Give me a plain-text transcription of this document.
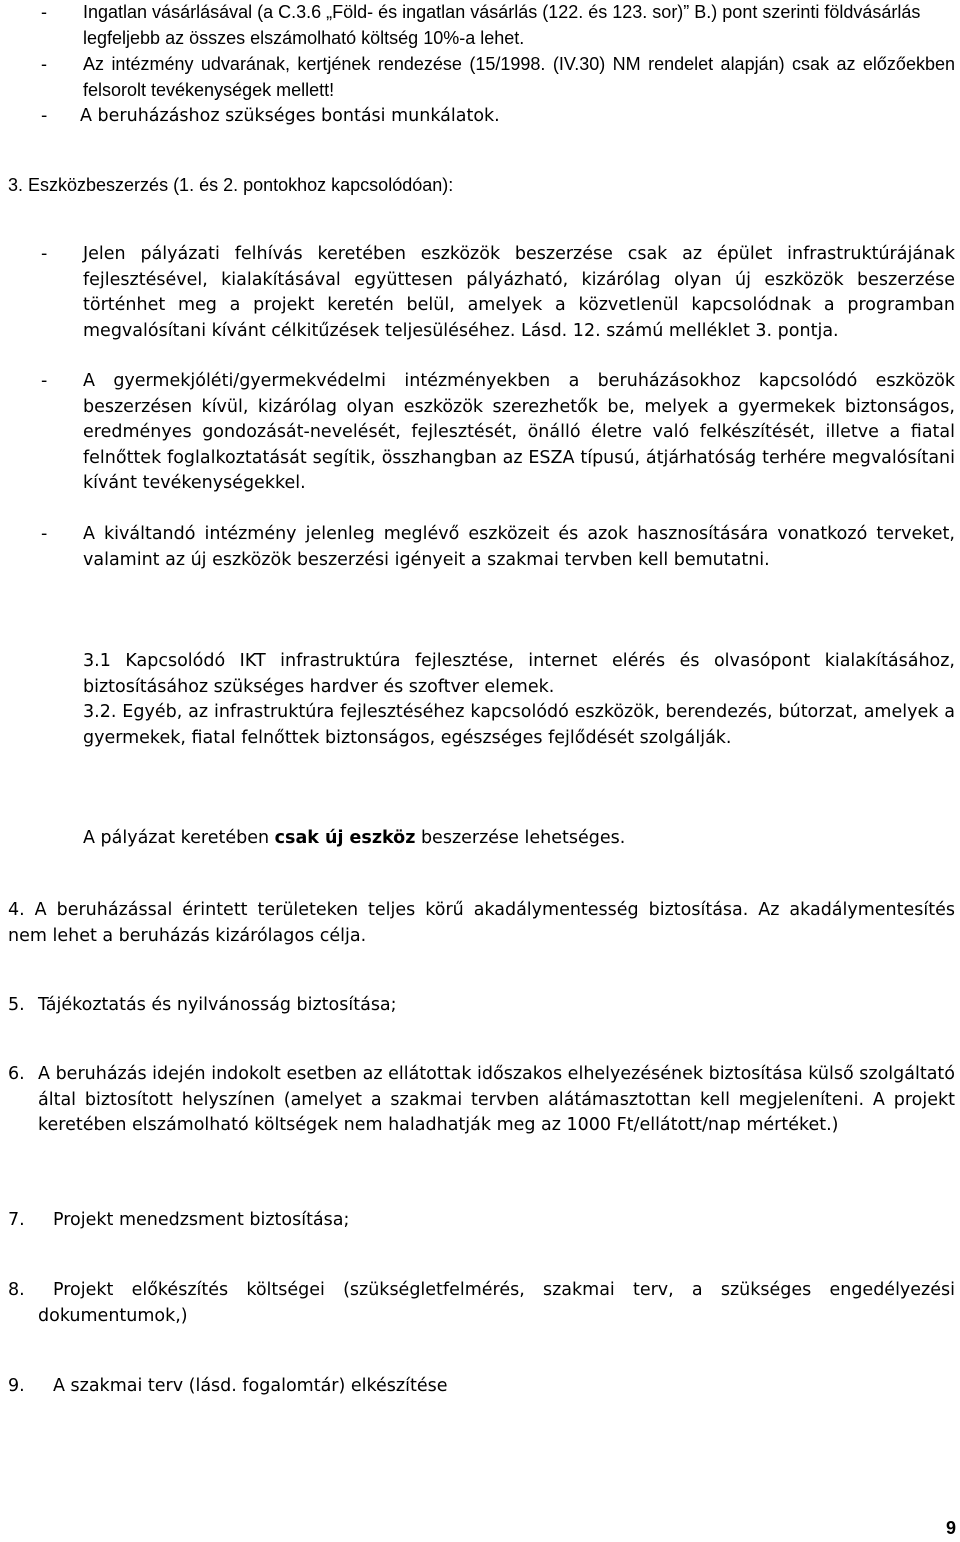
- Ingatlan vásárlásával (a C.3.6 „Föld- és ingatlan vásárlás (122. és 123. sor)” B.) pont szerinti földvásárlás legfeljebb az összes elszámolható költség 10%-a lehet.
- Az intézmény udvarának, kertjének rendezése (15/1998. (IV.30) NM rendelet alapján) csak az előzőekben felsorolt tevékenységek mellett!
- A beruházáshoz szükséges bontási munkálatok.
3. Eszközbeszerzés (1. és 2. pontokhoz kapcsolódóan):
- Jelen pályázati felhívás keretében eszközök beszerzése csak az épület infrastruktúrájának fejlesztésével, kialakításával együttesen pályázható, kizárólag olyan új eszközök beszerzése történhet meg a projekt keretén belül, amelyek a közvetlenül kapcsolódnak a programban megvalósítani kívánt célkitűzések teljesüléséhez. Lásd. 12. számú melléklet 3. pontja.
- A gyermekjóléti/gyermekvédelmi intézményekben a beruházásokhoz kapcsolódó eszközök beszerzésen kívül, kizárólag olyan eszközök szerezhetők be, melyek a gyermekek biztonságos, eredményes gondozását-nevelését, fejlesztését, önálló életre való felkészítését, illetve a fiatal felnőttek foglalkoztatását segítik, összhangban az ESZA típusú, átjárhatóság terhére megvalósítani kívánt tevékenységekkel.
- A kiváltandó intézmény jelenleg meglévő eszközeit és azok hasznosítására vonatkozó terveket, valamint az új eszközök beszerzési igényeit a szakmai tervben kell bemutatni.
3.1 Kapcsolódó IKT infrastruktúra fejlesztése, internet elérés és olvasópont kialakításához, biztosításához szükséges hardver és szoftver elemek.
3.2. Egyéb, az infrastruktúra fejlesztéséhez kapcsolódó eszközök, berendezés, bútorzat, amelyek a gyermekek, fiatal felnőttek biztonságos, egészséges fejlődését szolgálják.
A pályázat keretében csak új eszköz beszerzése lehetséges.
4. A beruházással érintett területeken teljes körű akadálymentesség biztosítása. Az akadálymentesítés nem lehet a beruházás kizárólagos célja.
5. Tájékoztatás és nyilvánosság biztosítása;
6. A beruházás idején indokolt esetben az ellátottak időszakos elhelyezésének biztosítása külső szolgáltató által biztosított helyszínen (amelyet a szakmai tervben alátámasztottan kell megjeleníteni. A projekt keretében elszámolható költségek nem haladhatják meg az 1000 Ft/ellátott/nap mértéket.)
7. Projekt menedzsment biztosítása;
8.	Projekt előkészítés költségei (szükségletfelmérés, szakmai terv, a szükséges engedélyezési dokumentumok,)
9. A szakmai terv (lásd. fogalomtár) elkészítése
9
